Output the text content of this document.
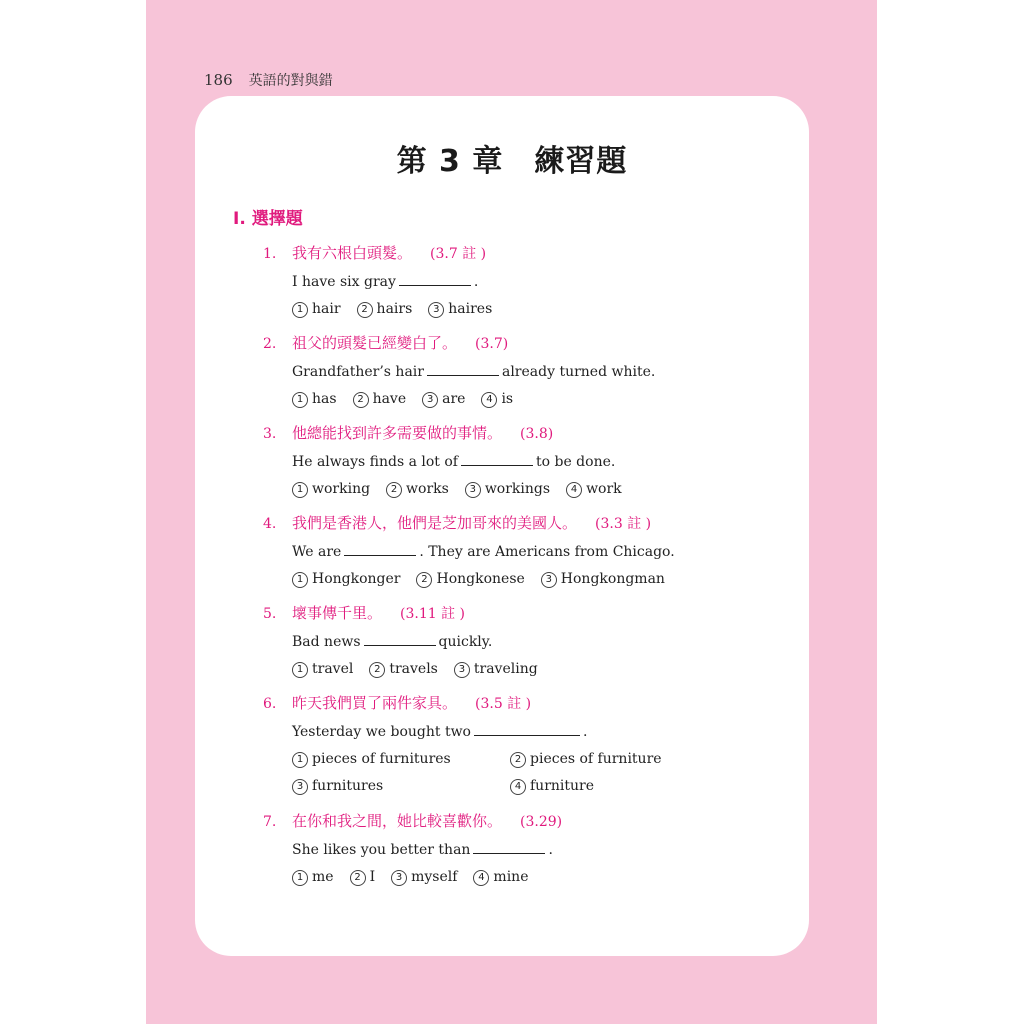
186 英語的對與錯
第 3 章　練習題
I. 選擇題
1.	我有六根白頭髮。 (3.7 註 )
I have six gray	.
1 hair	2 hairs	3 haires
2.	祖父的頭髮已經變白了。 (3.7)
Grandfather’s hair	already turned white.
1 has	2 have	3 are	4 is
3.	他總能找到許多需要做的事情。 (3.8)
He always finds a lot of	to be done.
1 working	2 works	3 workings	4 work
4.	我們是香港人，他們是芝加哥來的美國人。 (3.3 註 )
We are	. They are Americans from Chicago.
1 Hongkonger	2 Hongkonese	3 Hongkongman
5.	壞事傳千里。 (3.11 註 )
Bad news	quickly.
1 travel	2 travels	3 traveling
6.	昨天我們買了兩件家具。 (3.5 註 )
Yesterday we bought two	.
1 pieces of furnitures	2 pieces of furniture
3 furnitures	4 furniture
7.	在你和我之間，她比較喜歡你。 (3.29)
She likes you better than	.
1 me	2 I	3 myself	4 mine
